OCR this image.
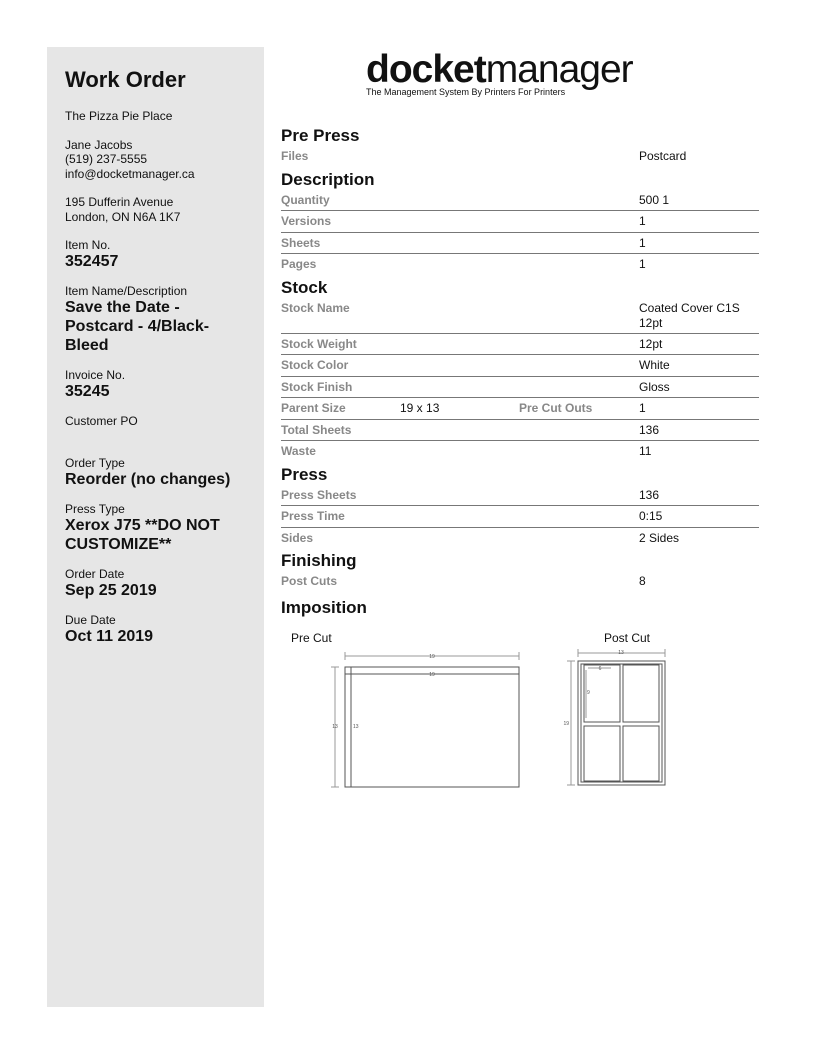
Work Order
The Pizza Pie Place
Jane Jacobs
(519) 237-5555
info@docketmanager.ca
195 Dufferin Avenue
London, ON N6A 1K7
Item No.
352457
Item Name/Description
Save the Date - Postcard - 4/Black-Bleed
Invoice No.
35245
Customer PO
Order Type
Reorder (no changes)
Press Type
Xerox J75 **DO NOT CUSTOMIZE**
Order Date
Sep 25 2019
Due Date
Oct 11 2019
docketmanager
The Management System By Printers For Printers
Pre Press
Files	Postcard
Description
Quantity	500 1
Versions	1
Sheets	1
Pages	1
Stock
Stock Name	Coated Cover C1S 12pt
Stock Weight	12pt
Stock Color	White
Stock Finish	Gloss
Parent Size	19 x 13	Pre Cut Outs	1
Total Sheets	136
Waste	11
Press
Press Sheets	136
Press Time	0:15
Sides	2 Sides
Finishing
Post Cuts	8
Imposition
Pre Cut	Post Cut
19
19
13	13
13
6
19
9
